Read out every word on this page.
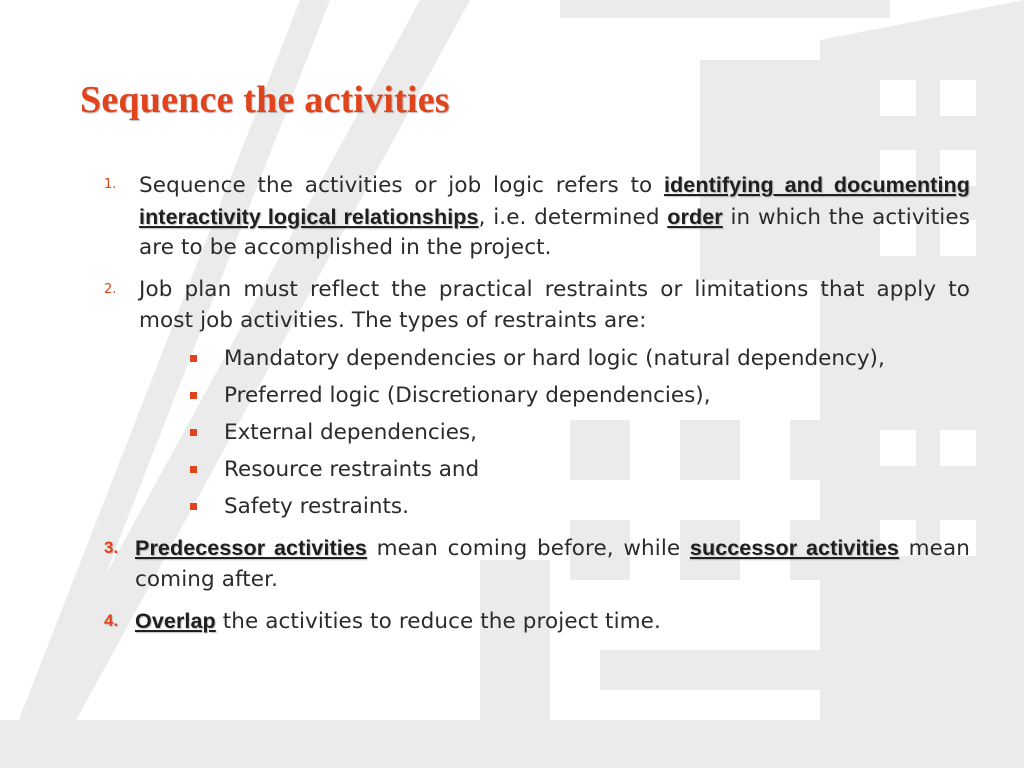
Sequence the activities
1.	Sequence the activities or job logic refers to identifying and documenting interactivity logical relationships, i.e. determined order in which the activities are to be accomplished in the project.
2.	Job plan must reflect the practical restraints or limitations that apply to most job activities. The types of restraints are:
Mandatory dependencies or hard logic (natural dependency),
Preferred logic (Discretionary dependencies),
External dependencies,
Resource restraints and
Safety restraints.
3. Predecessor activities mean coming before, while successor activities mean coming after.
4. Overlap the activities to reduce the project time.
